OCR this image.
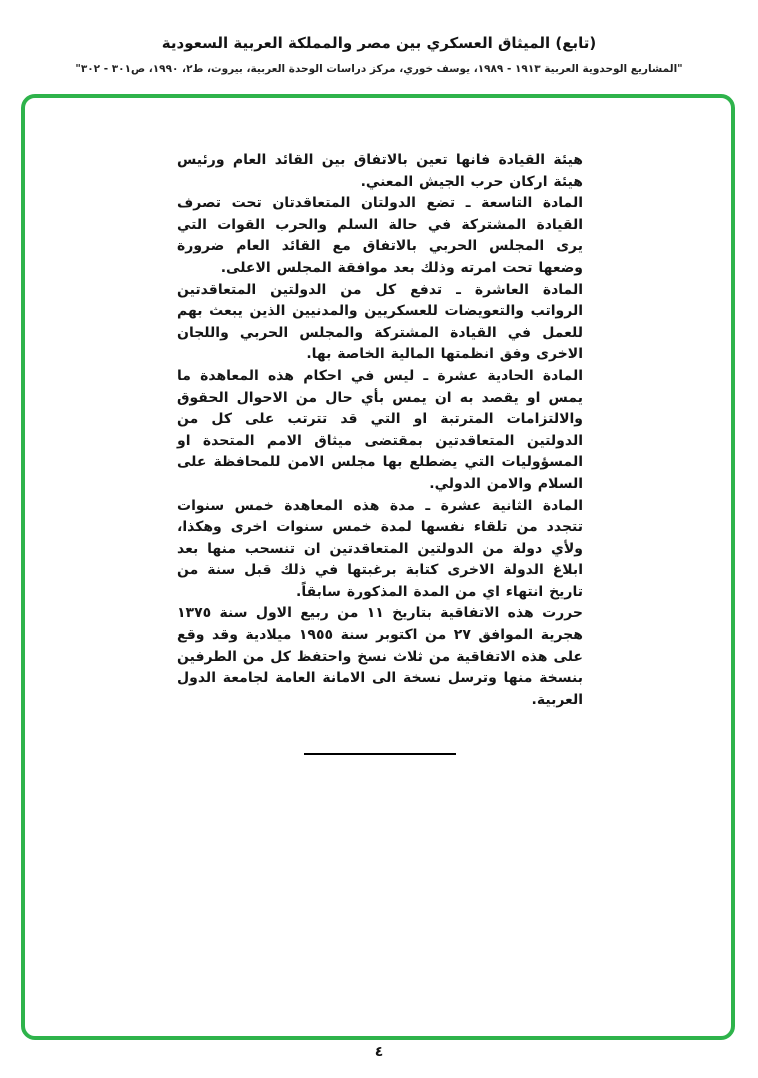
(تابع) الميثاق العسكري بين مصر والمملكة العربية السعودية
"المشاريع الوحدوية العربية ١٩١٣ - ١٩٨٩، يوسف خوري، مركز دراسات الوحدة العربية، بيروت، ط٢، ١٩٩٠، ص٣٠١ - ٣٠٢"

هيئة القيادة فانها تعين بالاتفاق بين القائد العام ورئيس هيئة اركان حرب الجيش المعني.

المادة التاسعة ـ تضع الدولتان المتعاقدتان تحت تصرف القيادة المشتركة في حالة السلم والحرب القوات التي يرى المجلس الحربي بالاتفاق مع القائد العام ضرورة وضعها تحت امرته وذلك بعد موافقة المجلس الاعلى.

المادة العاشرة ـ تدفع كل من الدولتين المتعاقدتين الرواتب والتعويضات للعسكريين والمدنيين الذين يبعث بهم للعمل في القيادة المشتركة والمجلس الحربي واللجان الاخرى وفق انظمتها المالية الخاصة بها.

المادة الحادية عشرة ـ ليس في احكام هذه المعاهدة ما يمس او يقصد به ان يمس بأي حال من الاحوال الحقوق والالتزامات المترتبة او التي قد تترتب على كل من الدولتين المتعاقدتين بمقتضى ميثاق الامم المتحدة او المسؤوليات التي يضطلع بها مجلس الامن للمحافظة على السلام والامن الدولي.

المادة الثانية عشرة ـ مدة هذه المعاهدة خمس سنوات تتجدد من تلقاء نفسها لمدة خمس سنوات اخرى وهكذا، ولأي دولة من الدولتين المتعاقدتين ان تنسحب منها بعد ابلاغ الدولة الاخرى كتابة برغبتها في ذلك قبل سنة من تاريخ انتهاء اي من المدة المذكورة سابقاً.

حررت هذه الاتفاقية بتاريخ ١١ من ربيع الاول سنة ١٣٧٥ هجرية الموافق ٢٧ من اكتوبر سنة ١٩٥٥ ميلادية وقد وقع على هذه الاتفاقية من ثلاث نسخ واحتفظ كل من الطرفين بنسخة منها وترسل نسخة الى الامانة العامة لجامعة الدول العربية.

٤
